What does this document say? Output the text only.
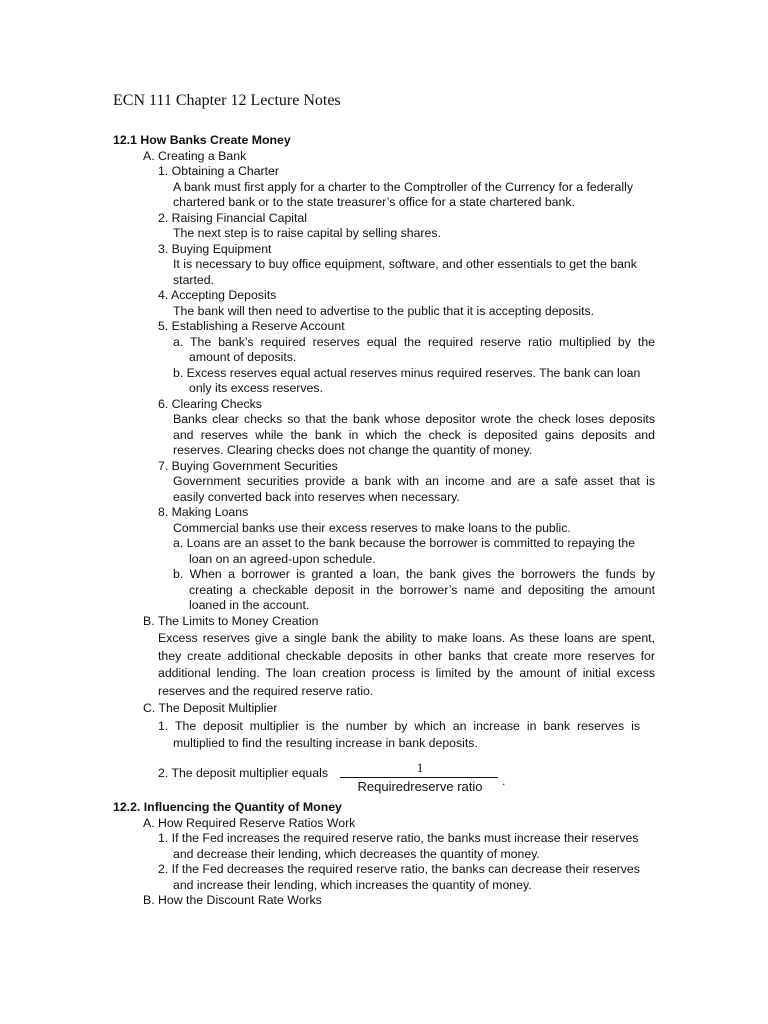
ECN 111 Chapter 12 Lecture Notes
12.1 How Banks Create Money
A. Creating a Bank
1. Obtaining a Charter
A bank must first apply for a charter to the Comptroller of the Currency for a federally
chartered bank or to the state treasurer’s office for a state chartered bank.
2. Raising Financial Capital
The next step is to raise capital by selling shares.
3. Buying Equipment
It is necessary to buy office equipment, software, and other essentials to get the bank
started.
4. Accepting Deposits
The bank will then need to advertise to the public that it is accepting deposits.
5. Establishing a Reserve Account
a. The bank’s required reserves equal the required reserve ratio multiplied by the
amount of deposits.
b. Excess reserves equal actual reserves minus required reserves. The bank can loan
only its excess reserves.
6. Clearing Checks
Banks clear checks so that the bank whose depositor wrote the check loses deposits
and reserves while the bank in which the check is deposited gains deposits and
reserves. Clearing checks does not change the quantity of money.
7. Buying Government Securities
Government securities provide a bank with an income and are a safe asset that is
easily converted back into reserves when necessary.
8. Making Loans
Commercial banks use their excess reserves to make loans to the public.
a. Loans are an asset to the bank because the borrower is committed to repaying the
loan on an agreed-upon schedule.
b. When a borrower is granted a loan, the bank gives the borrowers the funds by
creating a checkable deposit in the borrower’s name and depositing the amount
loaned in the account.
B. The Limits to Money Creation
Excess reserves give a single bank the ability to make loans. As these loans are spent,
they create additional checkable deposits in other banks that create more reserves for
additional lending. The loan creation process is limited by the amount of initial excess
reserves and the required reserve ratio.
C. The Deposit Multiplier
1. The deposit multiplier is the number by which an increase in bank reserves is
multiplied to find the resulting increase in bank deposits.
2. The deposit multiplier equals
12.2. Influencing the Quantity of Money
A. How Required Reserve Ratios Work
1. If the Fed increases the required reserve ratio, the banks must increase their reserves
and decrease their lending, which decreases the quantity of money.
2. If the Fed decreases the required reserve ratio, the banks can decrease their reserves
and increase their lending, which increases the quantity of money.
B. How the Discount Rate Works
1
Requiredreserve ratio	.
